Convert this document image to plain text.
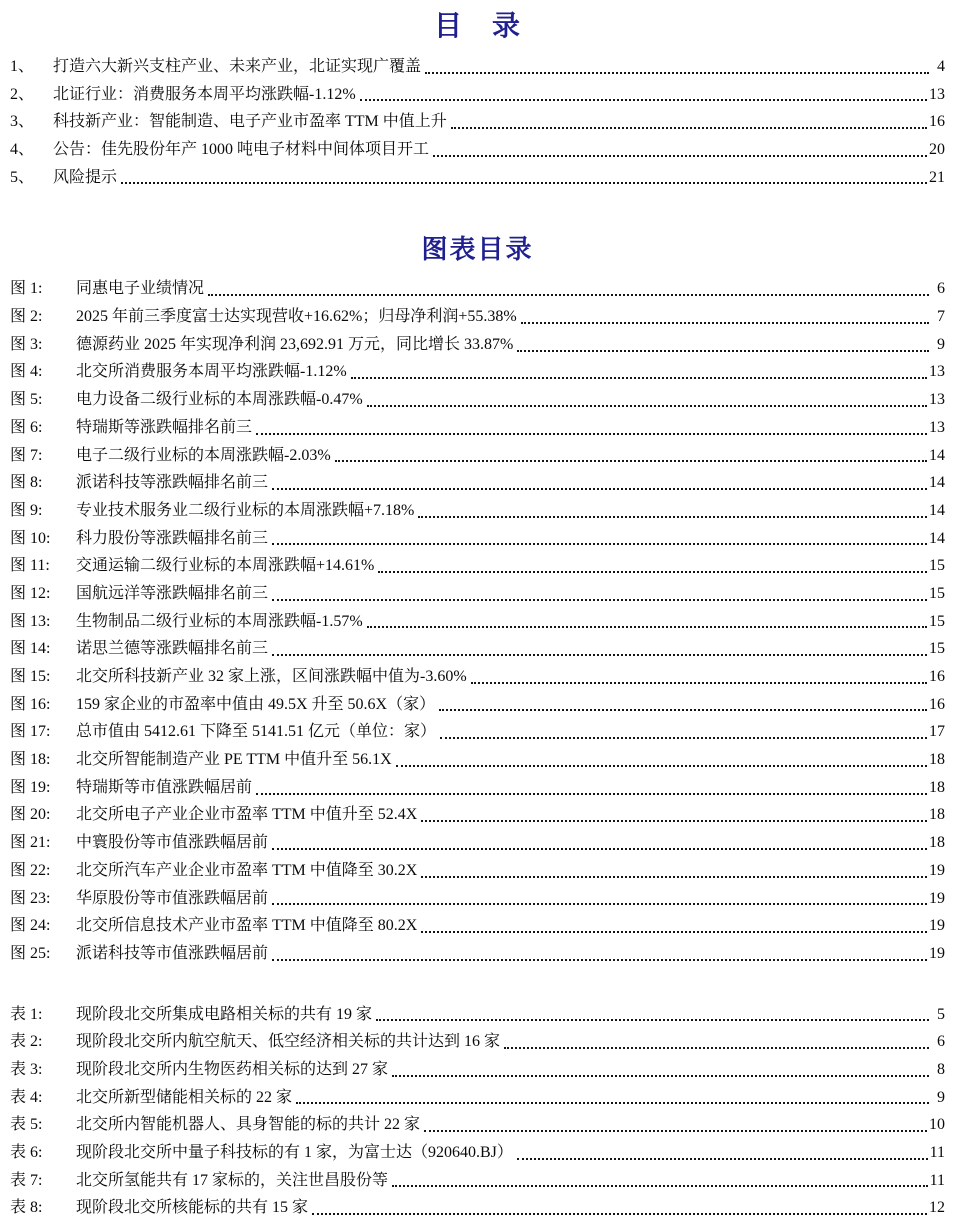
目　录
1、	打造六大新兴支柱产业、未来产业，北证实现广覆盖	4
2、	北证行业：消费服务本周平均涨跌幅-1.12%	13
3、	科技新产业：智能制造、电子产业市盈率 TTM 中值上升	16
4、	公告：佳先股份年产 1000 吨电子材料中间体项目开工	20
5、	风险提示	21
图表目录
图 1:	同惠电子业绩情况	6
图 2:	2025 年前三季度富士达实现营收+16.62%；归母净利润+55.38%	7
图 3:	德源药业 2025 年实现净利润 23,692.91 万元，同比增长 33.87%	9
图 4:	北交所消费服务本周平均涨跌幅-1.12%	13
图 5:	电力设备二级行业标的本周涨跌幅-0.47%	13
图 6:	特瑞斯等涨跌幅排名前三	13
图 7:	电子二级行业标的本周涨跌幅-2.03%	14
图 8:	派诺科技等涨跌幅排名前三	14
图 9:	专业技术服务业二级行业标的本周涨跌幅+7.18%	14
图 10:	科力股份等涨跌幅排名前三	14
图 11:	交通运输二级行业标的本周涨跌幅+14.61%	15
图 12:	国航远洋等涨跌幅排名前三	15
图 13:	生物制品二级行业标的本周涨跌幅-1.57%	15
图 14:	诺思兰德等涨跌幅排名前三	15
图 15:	北交所科技新产业 32 家上涨，区间涨跌幅中值为-3.60%	16
图 16:	159 家企业的市盈率中值由 49.5X 升至 50.6X（家）	16
图 17:	总市值由 5412.61 下降至 5141.51 亿元（单位：家）	17
图 18:	北交所智能制造产业 PE TTM 中值升至 56.1X	18
图 19:	特瑞斯等市值涨跌幅居前	18
图 20:	北交所电子产业企业市盈率 TTM 中值升至 52.4X	18
图 21:	中寰股份等市值涨跌幅居前	18
图 22:	北交所汽车产业企业市盈率 TTM 中值降至 30.2X	19
图 23:	华原股份等市值涨跌幅居前	19
图 24:	北交所信息技术产业市盈率 TTM 中值降至 80.2X	19
图 25:	派诺科技等市值涨跌幅居前	19
表 1:	现阶段北交所集成电路相关标的共有 19 家	5
表 2:	现阶段北交所内航空航天、低空经济相关标的共计达到 16 家	6
表 3:	现阶段北交所内生物医药相关标的达到 27 家	8
表 4:	北交所新型储能相关标的 22 家	9
表 5:	北交所内智能机器人、具身智能的标的共计 22 家	10
表 6:	现阶段北交所中量子科技标的有 1 家，为富士达（920640.BJ）	11
表 7:	北交所氢能共有 17 家标的，关注世昌股份等	11
表 8:	现阶段北交所核能标的共有 15 家	12
